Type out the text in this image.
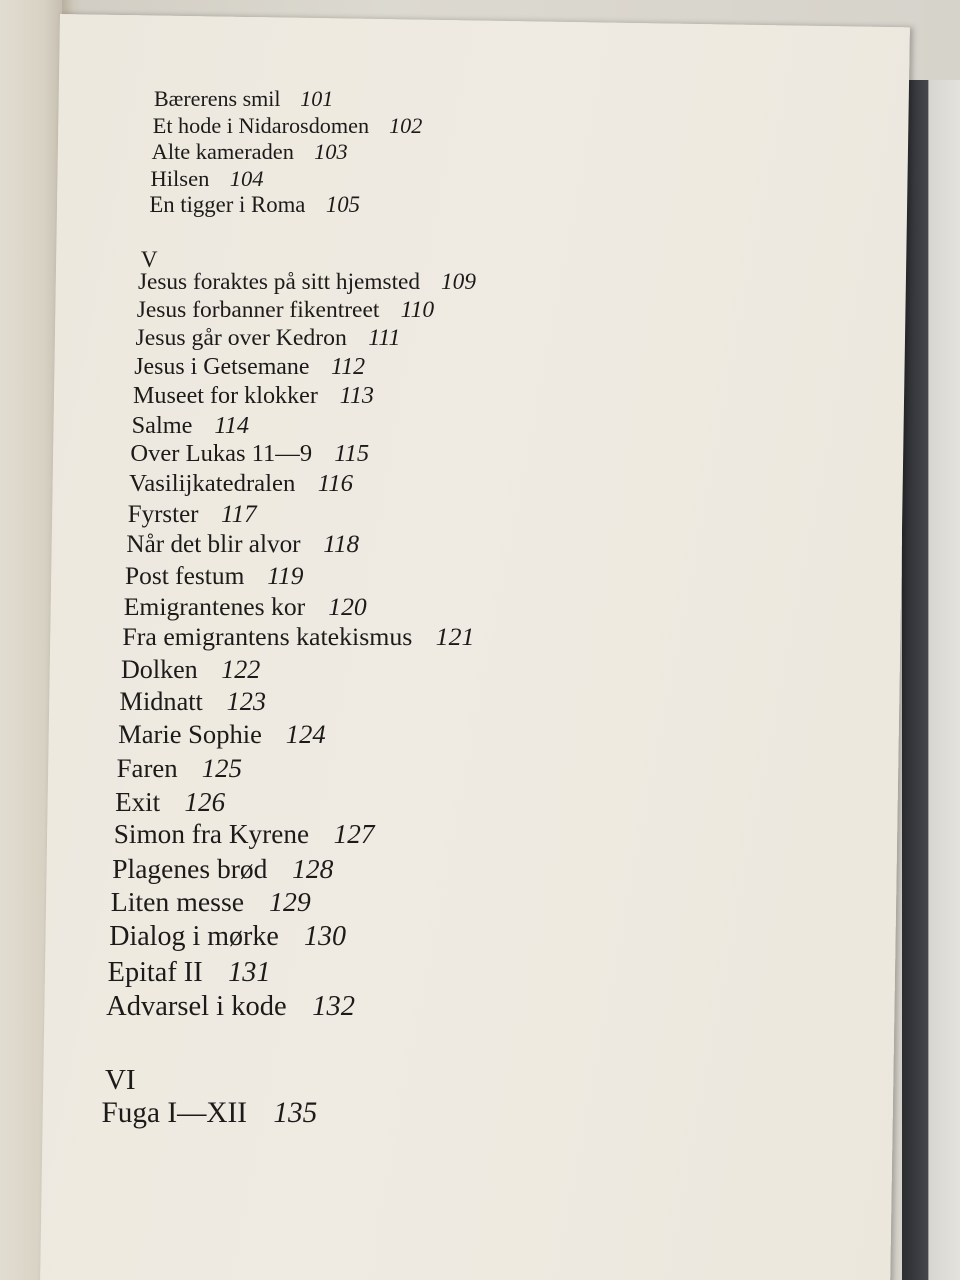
Bærerens smil 101
Et hode i Nidarosdomen 102
Alte kameraden 103
Hilsen 104
En tigger i Roma 105
V
Jesus foraktes på sitt hjemsted 109
Jesus forbanner fikentreet 110
Jesus går over Kedron 111
Jesus i Getsemane 112
Museet for klokker 113
Salme 114
Over Lukas 11—9 115
Vasilijkatedralen 116
Fyrster 117
Når det blir alvor 118
Post festum 119
Emigrantenes kor 120
Fra emigrantens katekismus 121
Dolken 122
Midnatt 123
Marie Sophie 124
Faren 125
Exit 126
Simon fra Kyrene 127
Plagenes brød 128
Liten messe 129
Dialog i mørke 130
Epitaf II 131
Advarsel i kode 132
VI
Fuga I—XII 135
